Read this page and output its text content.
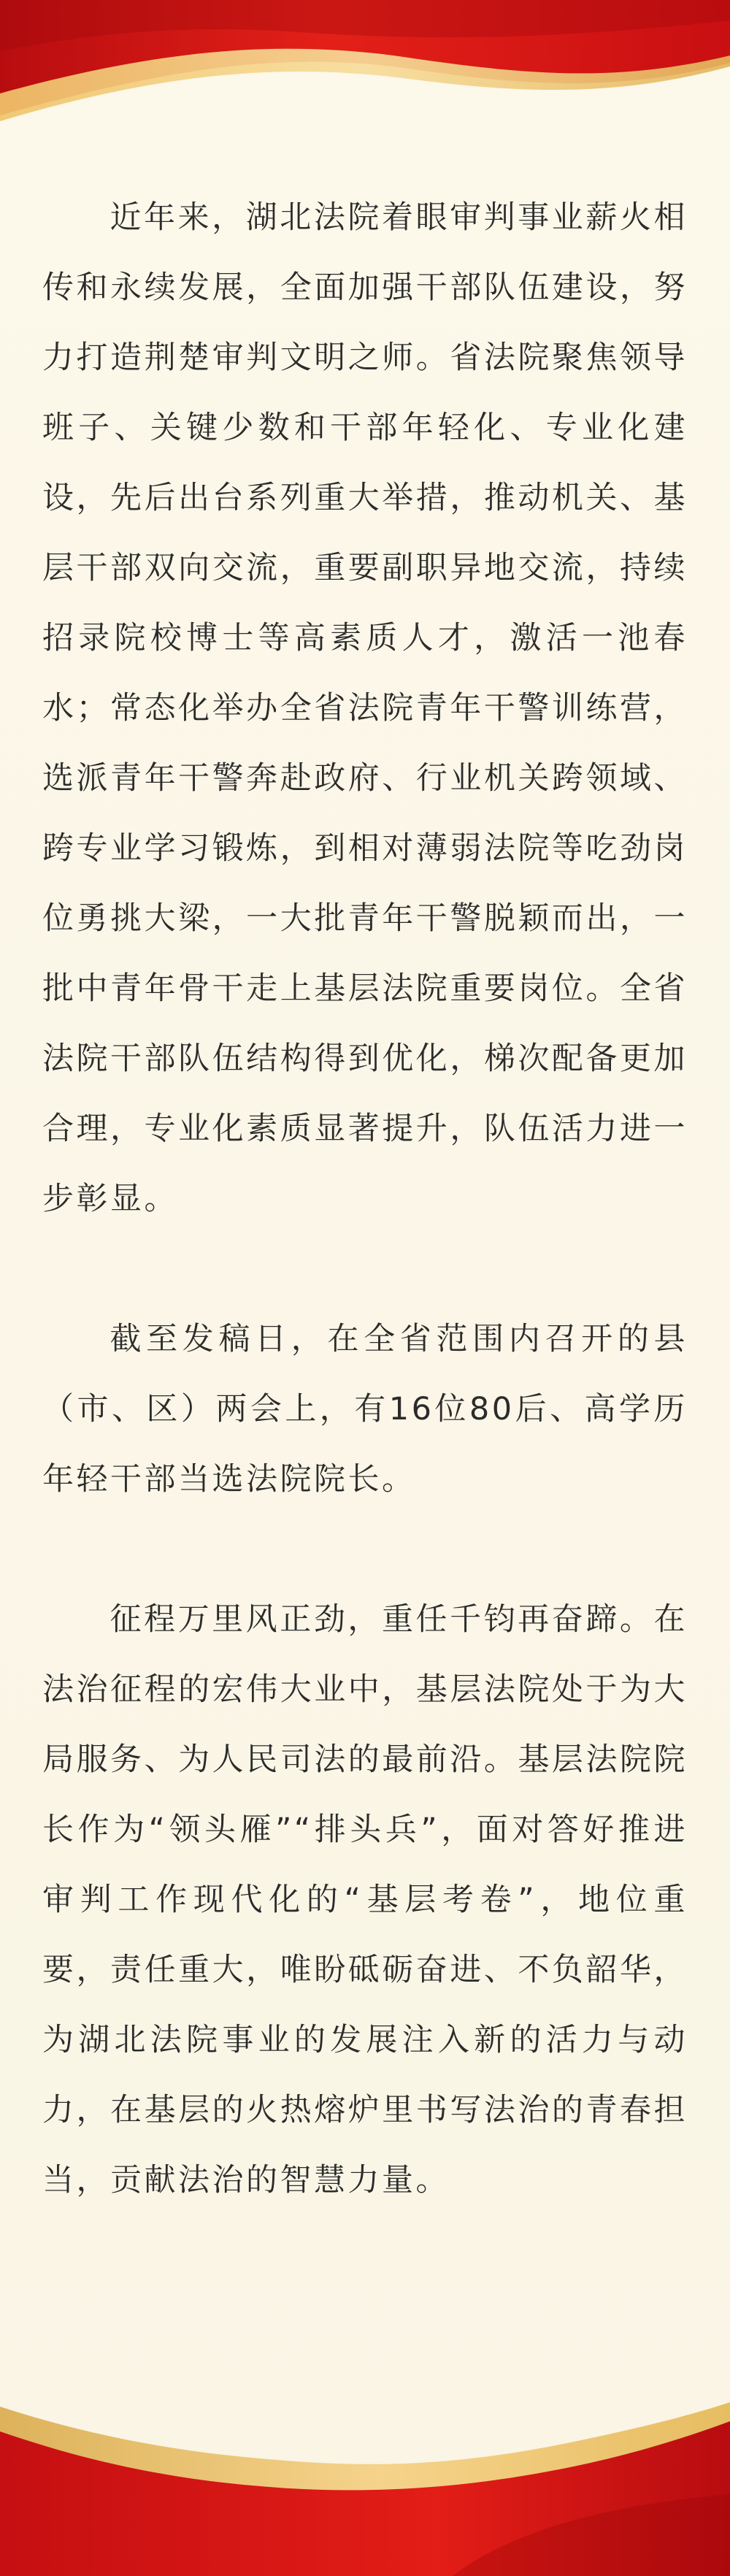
近年来，湖北法院着眼审判事业薪火相传和永续发展，全面加强干部队伍建设，努力打造荆楚审判文明之师。省法院聚焦领导班子、关键少数和干部年轻化、专业化建设，先后出台系列重大举措，推动机关、基层干部双向交流，重要副职异地交流，持续招录院校博士等高素质人才，激活一池春水；常态化举办全省法院青年干警训练营，选派青年干警奔赴政府、行业机关跨领域、跨专业学习锻炼，到相对薄弱法院等吃劲岗位勇挑大梁，一大批青年干警脱颖而出，一批中青年骨干走上基层法院重要岗位。全省法院干部队伍结构得到优化，梯次配备更加合理，专业化素质显著提升，队伍活力进一步彰显。

截至发稿日，在全省范围内召开的县（市、区）两会上，有16位80后、高学历年轻干部当选法院院长。

征程万里风正劲，重任千钧再奋蹄。在法治征程的宏伟大业中，基层法院处于为大局服务、为人民司法的最前沿。基层法院院长作为“领头雁”“排头兵”，面对答好推进审判工作现代化的“基层考卷”，地位重要，责任重大，唯盼砥砺奋进、不负韶华，为湖北法院事业的发展注入新的活力与动力，在基层的火热熔炉里书写法治的青春担当，贡献法治的智慧力量。
